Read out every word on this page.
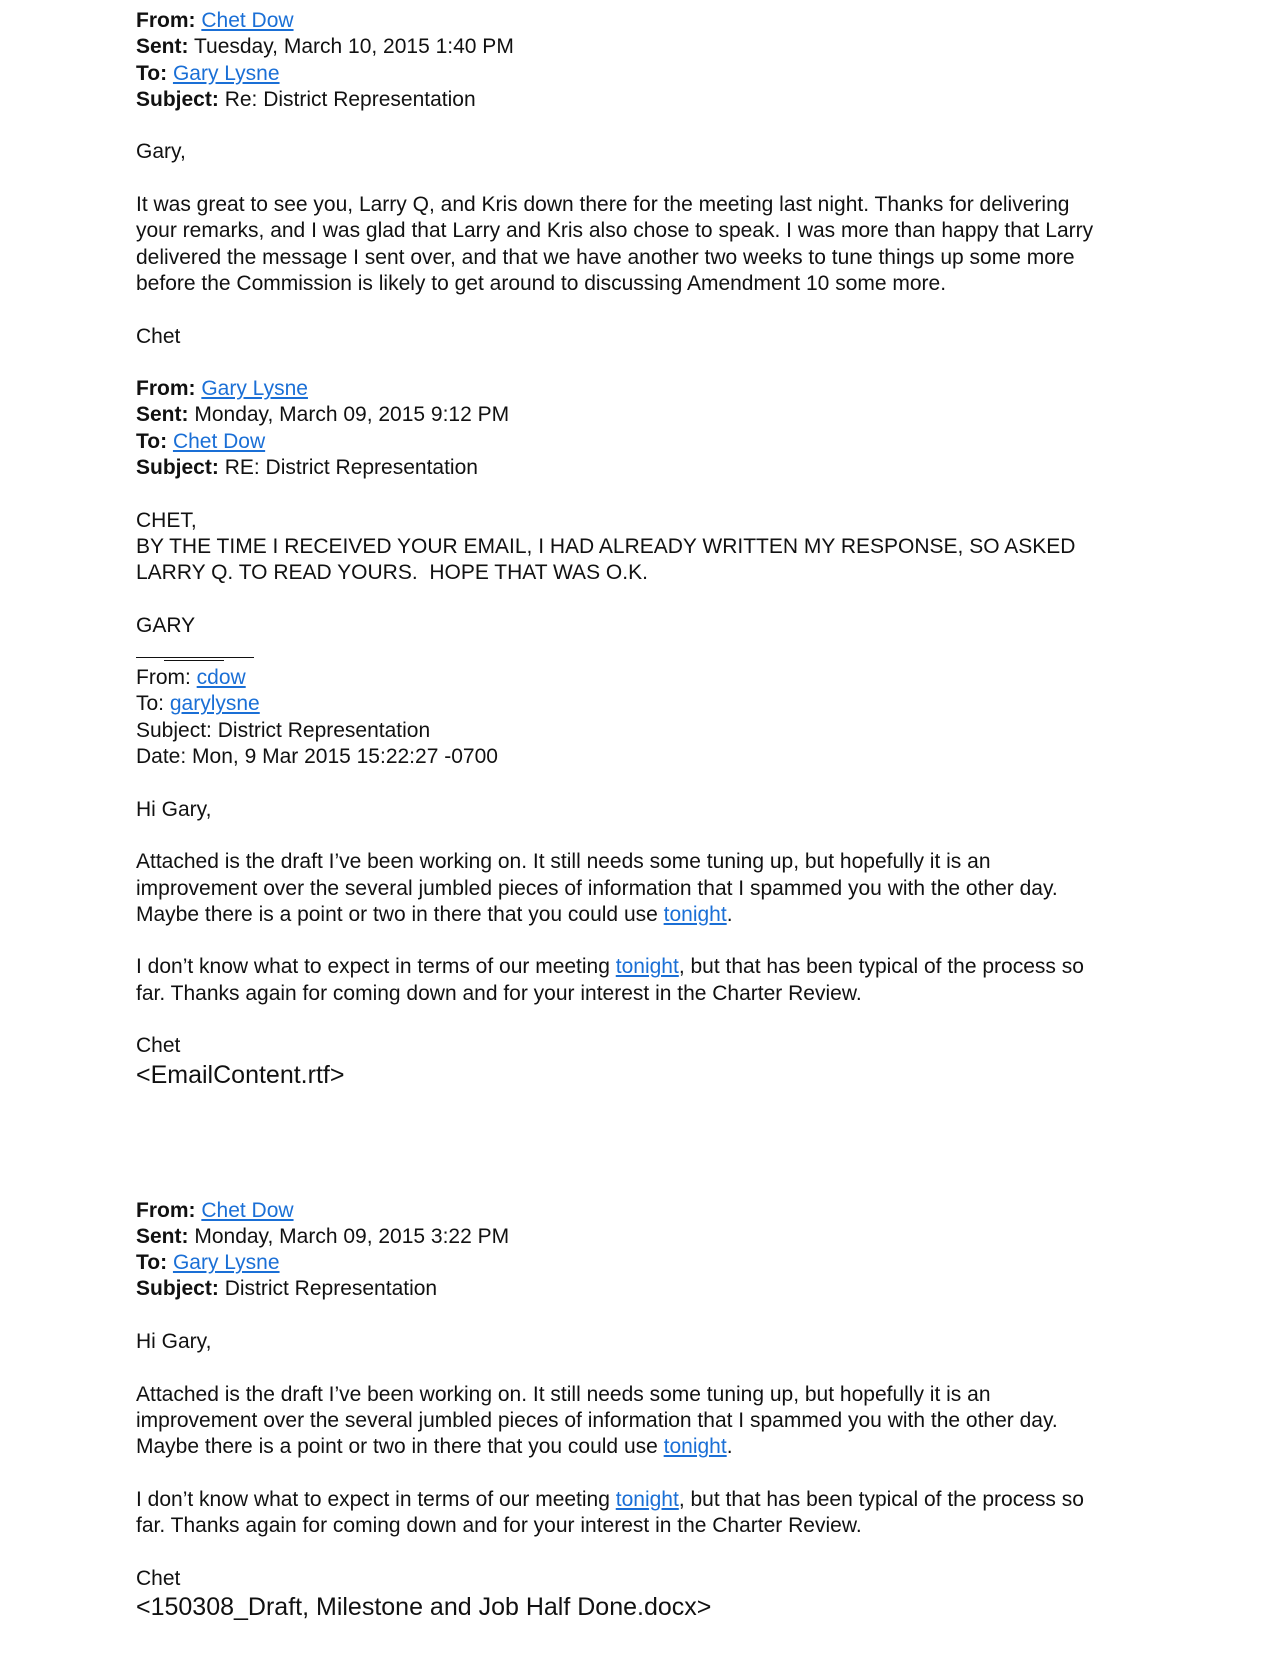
From: Chet Dow
Sent: Tuesday, March 10, 2015 1:40 PM
To: Gary Lysne
Subject: Re: District Representation
Gary,
It was great to see you, Larry Q, and Kris down there for the meeting last night. Thanks for delivering
your remarks, and I was glad that Larry and Kris also chose to speak. I was more than happy that Larry
delivered the message I sent over, and that we have another two weeks to tune things up some more
before the Commission is likely to get around to discussing Amendment 10 some more.
Chet
From: Gary Lysne
Sent: Monday, March 09, 2015 9:12 PM
To: Chet Dow
Subject: RE: District Representation
CHET,
BY THE TIME I RECEIVED YOUR EMAIL, I HAD ALREADY WRITTEN MY RESPONSE, SO ASKED
LARRY Q. TO READ YOURS.  HOPE THAT WAS O.K.
GARY
From: cdow
To: garylysne
Subject: District Representation
Date: Mon, 9 Mar 2015 15:22:27 -0700
Hi Gary,
Attached is the draft I’ve been working on. It still needs some tuning up, but hopefully it is an
improvement over the several jumbled pieces of information that I spammed you with the other day.
Maybe there is a point or two in there that you could use tonight.
I don’t know what to expect in terms of our meeting tonight, but that has been typical of the process so
far. Thanks again for coming down and for your interest in the Charter Review.
Chet
<EmailContent.rtf>
From: Chet Dow
Sent: Monday, March 09, 2015 3:22 PM
To: Gary Lysne
Subject: District Representation
Hi Gary,
Attached is the draft I’ve been working on. It still needs some tuning up, but hopefully it is an
improvement over the several jumbled pieces of information that I spammed you with the other day.
Maybe there is a point or two in there that you could use tonight.
I don’t know what to expect in terms of our meeting tonight, but that has been typical of the process so
far. Thanks again for coming down and for your interest in the Charter Review.
Chet
<150308_Draft, Milestone and Job Half Done.docx>
